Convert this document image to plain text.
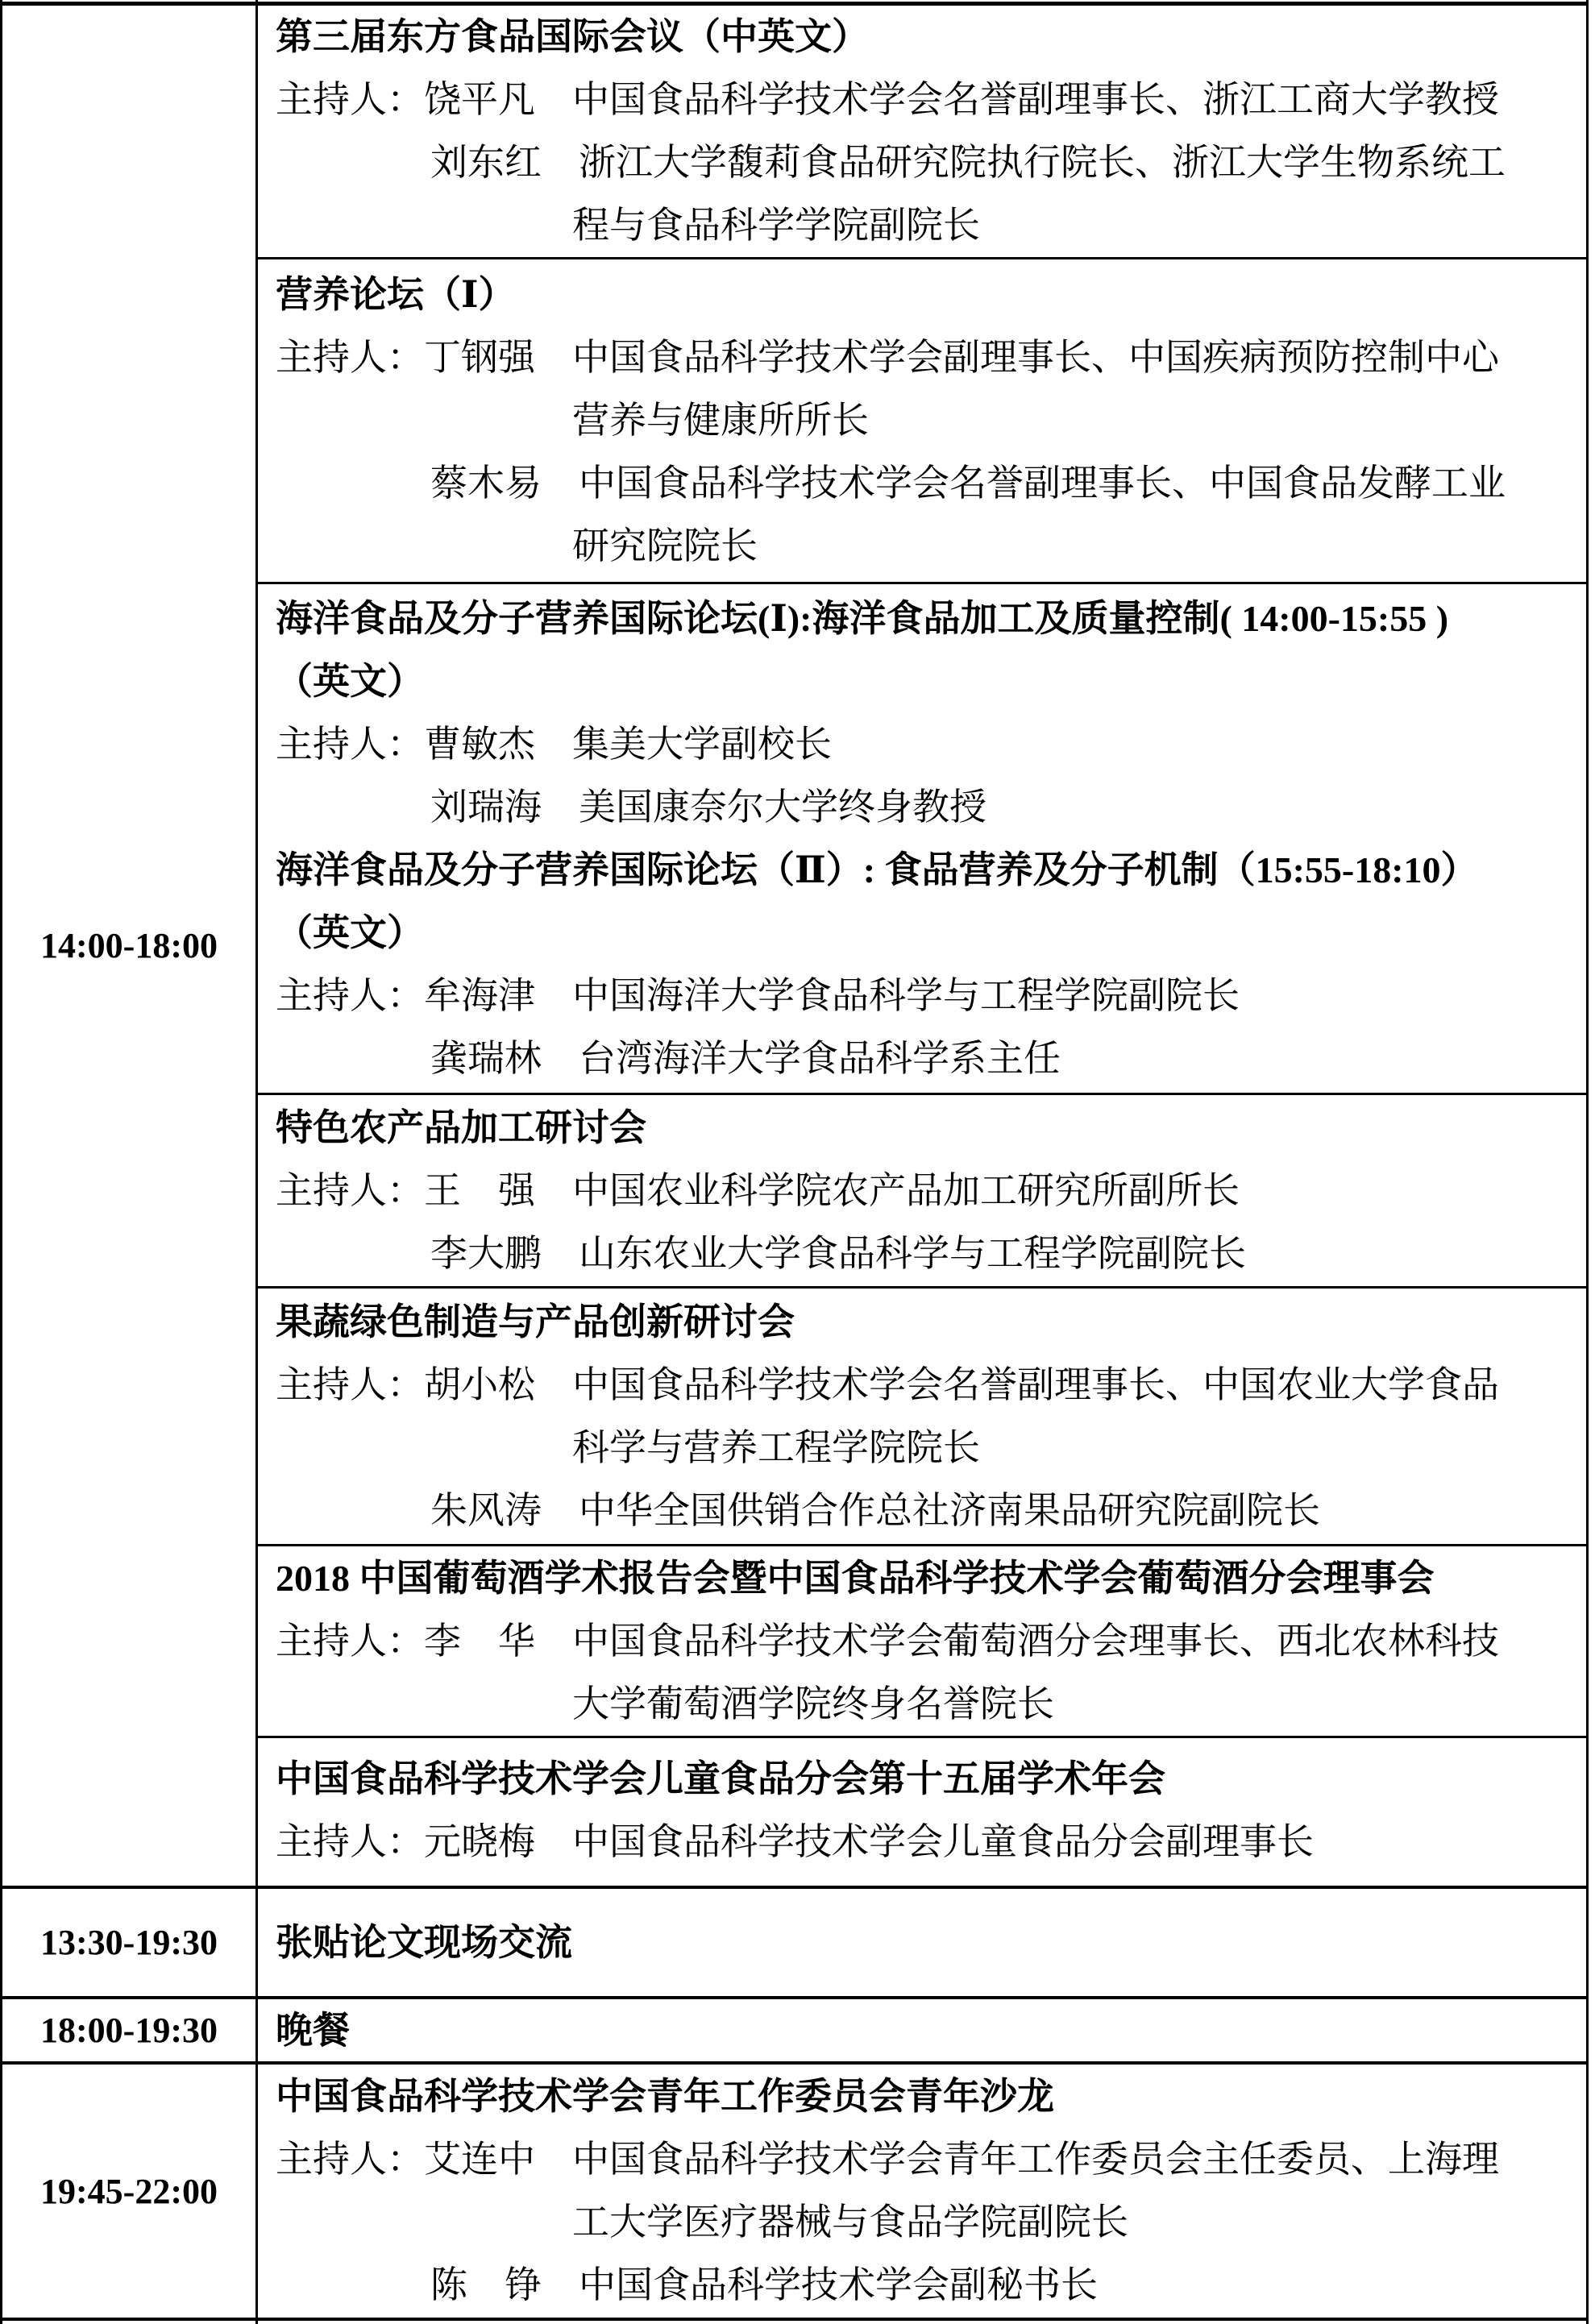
14:00-18:00
第三届东方食品国际会议（中英文）
主持人：饶平凡　中国食品科学技术学会名誉副理事长、浙江工商大学教授
刘东红　浙江大学馥莉食品研究院执行院长、浙江大学生物系统工
程与食品科学学院副院长
营养论坛（Ⅰ）
主持人：丁钢强　中国食品科学技术学会副理事长、中国疾病预防控制中心
营养与健康所所长
蔡木易　中国食品科学技术学会名誉副理事长、中国食品发酵工业
研究院院长
海洋食品及分子营养国际论坛(Ⅰ):海洋食品加工及质量控制( 14:00-15:55 )
（英文）
主持人：曹敏杰　集美大学副校长
刘瑞海　美国康奈尔大学终身教授
海洋食品及分子营养国际论坛（Ⅱ）: 食品营养及分子机制（15:55-18:10）
（英文）
主持人：牟海津　中国海洋大学食品科学与工程学院副院长
龚瑞林　台湾海洋大学食品科学系主任
特色农产品加工研讨会
主持人：王　强　中国农业科学院农产品加工研究所副所长
李大鹏　山东农业大学食品科学与工程学院副院长
果蔬绿色制造与产品创新研讨会
主持人：胡小松　中国食品科学技术学会名誉副理事长、中国农业大学食品
科学与营养工程学院院长
朱风涛　中华全国供销合作总社济南果品研究院副院长
2018 中国葡萄酒学术报告会暨中国食品科学技术学会葡萄酒分会理事会
主持人：李　华　中国食品科学技术学会葡萄酒分会理事长、西北农林科技
大学葡萄酒学院终身名誉院长
中国食品科学技术学会儿童食品分会第十五届学术年会
主持人：元晓梅　中国食品科学技术学会儿童食品分会副理事长
13:30-19:30	张贴论文现场交流
18:00-19:30	晚餐
19:45-22:00
中国食品科学技术学会青年工作委员会青年沙龙
主持人：艾连中　中国食品科学技术学会青年工作委员会主任委员、上海理
工大学医疗器械与食品学院副院长
陈　铮　中国食品科学技术学会副秘书长
